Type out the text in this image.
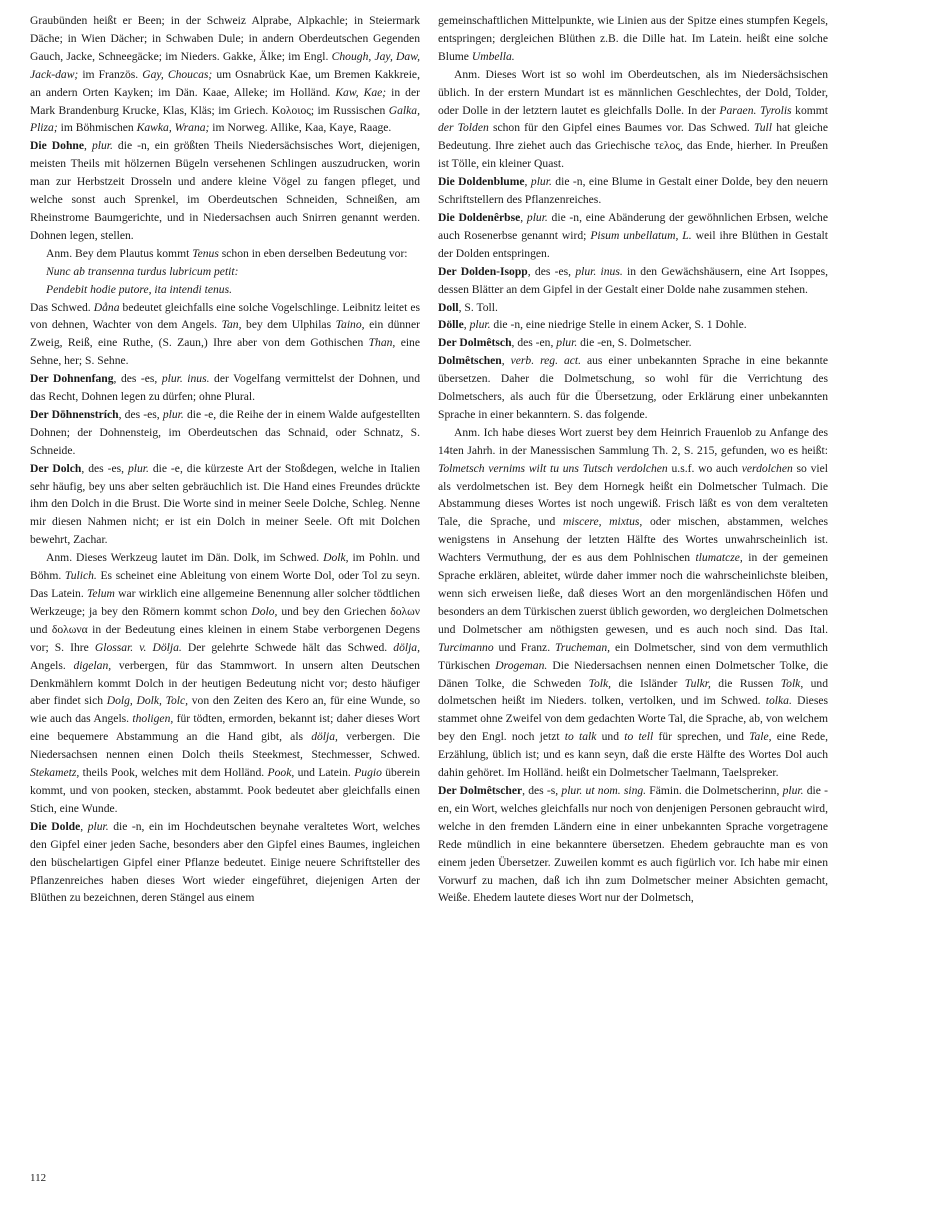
Graubünden heißt er Been; in der Schweiz Alprabe, Alpkachle; in Steiermark Däche; in Wien Dächer; in Schwaben Dule; in andern Oberdeutschen Gegenden Gauch, Jacke, Schneegäcke; im Nieders. Gakke, Älke; im Engl. Chough, Jay, Daw, Jack-daw; im Französ. Gay, Choucas; um Osnabrück Kae, um Bremen Kakkreie, an andern Orten Kayken; im Dän. Kaae, Alleke; im Holländ. Kaw, Kae; in der Mark Brandenburg Krucke, Klas, Kläs; im Griech. Κολοιος; im Russischen Galka, Pliza; im Böhmischen Kawka, Wrana; im Norweg. Allike, Kaa, Kaye, Raage.

Die Dohne, plur. die -n, ein größten Theils Niedersächsisches Wort, diejenigen, meisten Theils mit hölzernen Bügeln versehenen Schlingen auszudrucken, worin man zur Herbstzeit Drosseln und andere kleine Vögel zu fangen pfleget, und welche sonst auch Sprenkel, im Oberdeutschen Schneiden, Schneißen, am Rheinstrome Baumgerichte, und in Niedersachsen auch Snirren genannt werden. Dohnen legen, stellen.

Anm. Bey dem Plautus kommt Tenus schon in eben derselben Bedeutung vor:

Nunc ab transenna turdus lubricum petit:

Pendebit hodie putore, ita intendi tenus.

Das Schwed. Dåna bedeutet gleichfalls eine solche Vogelschlinge. Leibnitz leitet es von dehnen, Wachter von dem Angels. Tan, bey dem Ulphilas Taino, ein dünner Zweig, Reiß, eine Ruthe, (S. Zaun,) Ihre aber von dem Gothischen Than, eine Sehne, her; S. Sehne.

Der Dohnenfang, des -es, plur. inus. der Vogelfang vermittelst der Dohnen, und das Recht, Dohnen legen zu dürfen; ohne Plural.

Der Dōhnenstrích, des -es, plur. die -e, die Reihe der in einem Walde aufgestellten Dohnen; der Dohnensteig, im Oberdeutschen das Schnaid, oder Schnatz, S. Schneide.

Der Dolch, des -es, plur. die -e, die kürzeste Art der Stoßdegen, welche in Italien sehr häufig, bey uns aber selten gebräuchlich ist. Die Hand eines Freundes drückte ihm den Dolch in die Brust. Die Worte sind in meiner Seele Dolche, Schleg. Nenne mir diesen Nahmen nicht; er ist ein Dolch in meiner Seele. Oft mit Dolchen bewehrt, Zachar.

Anm. Dieses Werkzeug lautet im Dän. Dolk, im Schwed. Dolk, im Pohln. und Böhm. Tulich. Es scheinet eine Ableitung von einem Worte Dol, oder Tol zu seyn. Das Latein. Telum war wirklich eine allgemeine Benennung aller solcher tödtlichen Werkzeuge; ja bey den Römern kommt schon Dolo, und bey den Griechen δολων und δολωνα in der Bedeutung eines kleinen in einem Stabe verborgenen Degens vor; S. Ihre Glossar. v. Dölja. Der gelehrte Schwede hält das Schwed. dölja, Angels. digelan, verbergen, für das Stammwort. In unsern alten Deutschen Denkmählern kommt Dolch in der heutigen Bedeutung nicht vor; desto häufiger aber findet sich Dolg, Dolk, Tolc, von den Zeiten des Kero an, für eine Wunde, so wie auch das Angels. tholigen, für tödten, ermorden, bekannt ist; daher dieses Wort eine bequemere Abstammung an die Hand gibt, als dölja, verbergen. Die Niedersachsen nennen einen Dolch theils Steekmest, Stechmesser, Schwed. Stekametz, theils Pook, welches mit dem Holländ. Pook, und Latein. Pugio überein kommt, und von pooken, stecken, abstammt. Pook bedeutet aber gleichfalls einen Stich, eine Wunde.

Die Dolde, plur. die -n, ein im Hochdeutschen beynahe veraltetes Wort, welches den Gipfel einer jeden Sache, besonders aber den Gipfel eines Baumes, ingleichen den büschelartigen Gipfel einer Pflanze bedeutet. Einige neuere Schriftsteller des Pflanzenreiches haben dieses Wort wieder eingeführet, diejenigen Arten der Blüthen zu bezeichnen, deren Stängel aus einem

gemeinschaftlichen Mittelpunkte, wie Linien aus der Spitze eines stumpfen Kegels, entspringen; dergleichen Blüthen z.B. die Dille hat. Im Latein. heißt eine solche Blume Umbella.

Anm. Dieses Wort ist so wohl im Oberdeutschen, als im Niedersächsischen üblich. In der erstern Mundart ist es männlichen Geschlechtes, der Dold, Tolder, oder Dolle in der letztern lautet es gleichfalls Dolle. In der Paraen. Tyrolis kommt der Tolden schon für den Gipfel eines Baumes vor. Das Schwed. Tull hat gleiche Bedeutung. Ihre ziehet auch das Griechische τελος, das Ende, hierher. In Preußen ist Tölle, ein kleiner Quast.

Die Doldenblume, plur. die -n, eine Blume in Gestalt einer Dolde, bey den neuern Schriftstellern des Pflanzenreiches.

Die Doldenêrbse, plur. die -n, eine Abänderung der gewöhnlichen Erbsen, welche auch Rosenerbse genannt wird; Pisum unbellatum, L. weil ihre Blüthen in Gestalt der Dolden entspringen.

Der Dolden-Isopp, des -es, plur. inus. in den Gewächshäusern, eine Art Isoppes, dessen Blätter an dem Gipfel in der Gestalt einer Dolde nahe zusammen stehen.

Doll, S. Toll.

Dölle, plur. die -n, eine niedrige Stelle in einem Acker, S. 1 Dohle.

Der Dolmêtsch, des -en, plur. die -en, S. Dolmetscher.

Dolmêtschen, verb. reg. act. aus einer unbekannten Sprache in eine bekannte übersetzen. Daher die Dolmetschung, so wohl für die Verrichtung des Dolmetschers, als auch für die Übersetzung, oder Erklärung einer unbekannten Sprache in einer bekanntern. S. das folgende.

Anm. Ich habe dieses Wort zuerst bey dem Heinrich Frauenlob zu Anfange des 14ten Jahrh. in der Manessischen Sammlung Th. 2, S. 215, gefunden, wo es heißt: Tolmetsch vernims wilt tu uns Tutsch verdolchen u.s.f. wo auch verdolchen so viel als verdolmetschen ist. Bey dem Hornegk heißt ein Dolmetscher Tulmach. Die Abstammung dieses Wortes ist noch ungewiß. Frisch läßt es von dem veralteten Tale, die Sprache, und miscere, mixtus, oder mischen, abstammen, welches wenigstens in Ansehung der letzten Hälfte des Wortes unwahrscheinlich ist. Wachters Vermuthung, der es aus dem Pohlnischen tlumatcze, in der gemeinen Sprache erklären, ableitet, würde daher immer noch die wahrscheinlichste bleiben, wenn sich erweisen ließe, daß dieses Wort an den morgenländischen Höfen und besonders an dem Türkischen zuerst üblich geworden, wo dergleichen Dolmetschen und Dolmetscher am nöthigsten gewesen, und es auch noch sind. Das Ital. Turcimanno und Franz. Trucheman, ein Dolmetscher, sind von dem vermuthlich Türkischen Drogeman. Die Niedersachsen nennen einen Dolmetscher Tolke, die Dänen Tolke, die Schweden Tolk, die Isländer Tulkr, die Russen Tolk, und dolmetschen heißt im Nieders. tolken, vertolken, und im Schwed. tolka. Dieses stammet ohne Zweifel von dem gedachten Worte Tal, die Sprache, ab, von welchem bey den Engl. noch jetzt to talk und to tell für sprechen, und Tale, eine Rede, Erzählung, üblich ist; und es kann seyn, daß die erste Hälfte des Wortes Dol auch dahin gehöret. Im Holländ. heißt ein Dolmetscher Taelmann, Taelspreker.

Der Dolmêtscher, des -s, plur. ut nom. sing. Fämin. die Dolmetscherinn, plur. die -en, ein Wort, welches gleichfalls nur noch von denjenigen Personen gebraucht wird, welche in den fremden Ländern eine in einer unbekannten Sprache vorgetragene Rede mündlich in eine bekanntere übersetzen. Ehedem gebrauchte man es von einem jeden Übersetzer. Zuweilen kommt es auch figürlich vor. Ich habe mir einen Vorwurf zu machen, daß ich ihn zum Dolmetscher meiner Absichten gemacht, Weiße. Ehedem lautete dieses Wort nur der Dolmetsch,

112
